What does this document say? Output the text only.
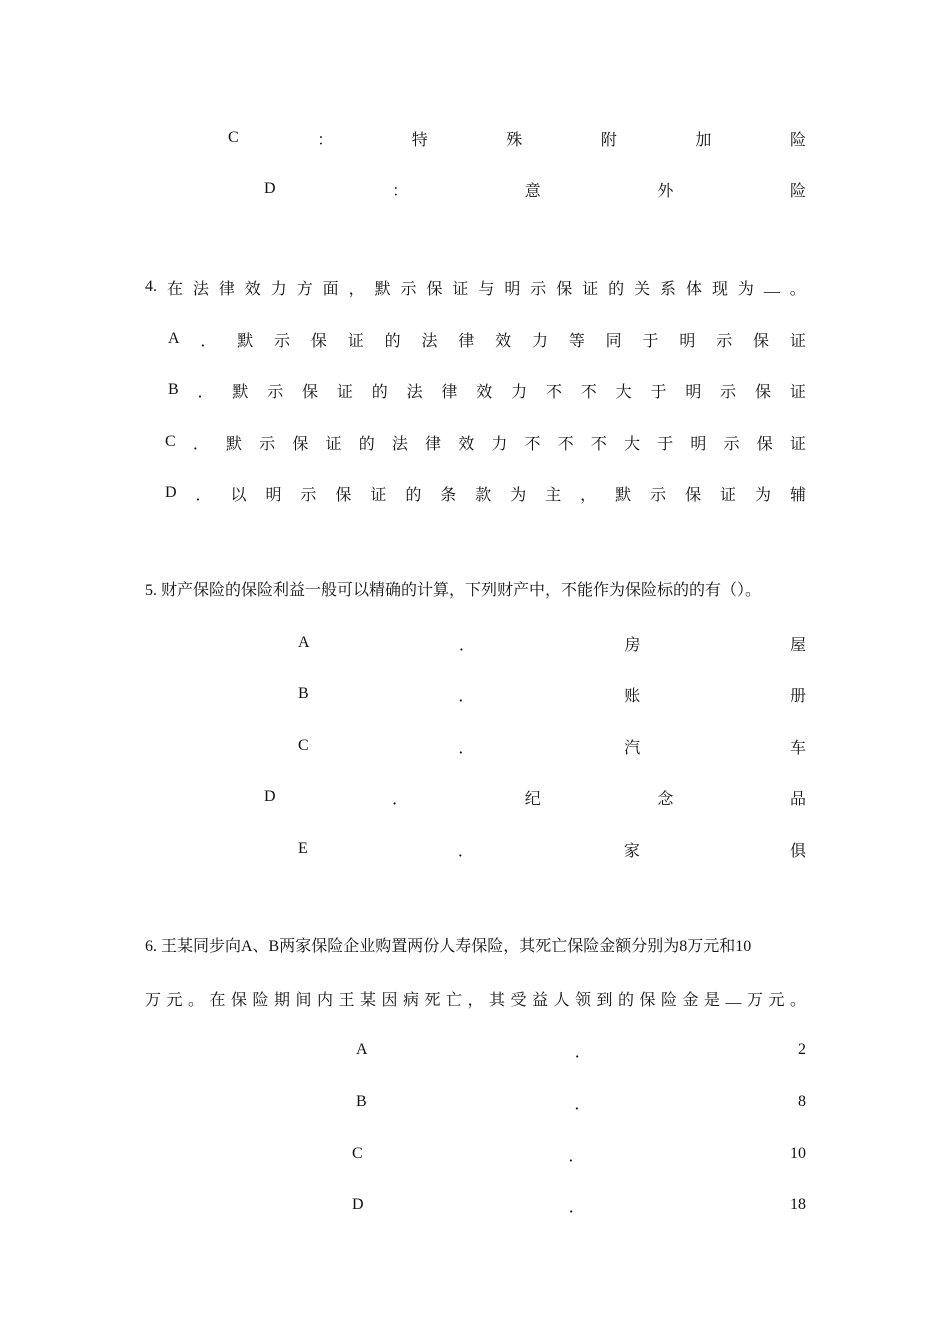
C	：	特	殊	附	加	险
D	：	意	外	险
4. 在 法 律 效 力 方 面 ， 默 示 保 证 与 明 示 保 证 的 关 系 体 现 为 __ 。
A ． 默 示 保 证 的 法 律 效 力 等 同 于 明 示 保 证
B ． 默 示 保 证 的 法 律 效 力 不 不 大 于 明 示 保 证
C ． 默 示 保 证 的 法 律 效 力 不 不 不 大 于 明 示 保 证
D ． 以 明 示 保 证 的 条 款 为 主 ， 默 示 保 证 为 辅
5. 财产保险的保险利益一般可以精确的计算，下列财产中，不能作为保险标的的有（）。
A	．	房	屋
B	．	账	册
C	．	汽	车
D	．	纪	念	品
E	．	家	俱
6. 王某同步向A、B两家保险企业购置两份人寿保险，其死亡保险金额分别为8万元和10
万 元 。 在 保 险 期 间 内 王 某 因 病 死 亡 ， 其 受 益 人 领 到 的 保 险 金 是 __ 万 元 。
A	．	2
B	．	8
C	．	10
D	．	18
